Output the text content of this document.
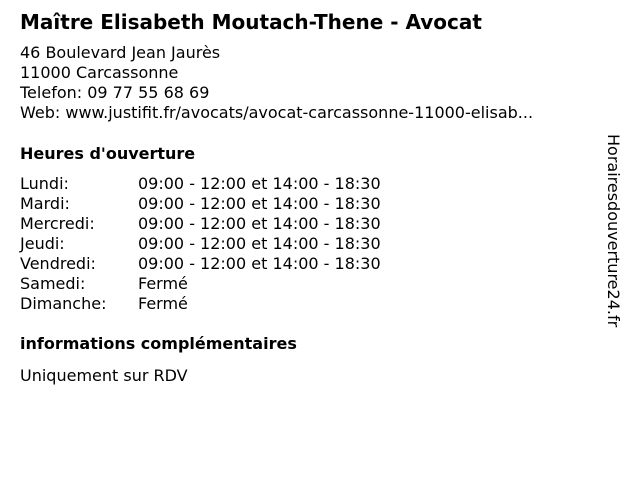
Maître Elisabeth Moutach-Thene - Avocat
46 Boulevard Jean Jaurès
11000 Carcassonne
Telefon: 09 77 55 68 69
Web: www.justifit.fr/avocats/avocat-carcassonne-11000-elisab...
Heures d'ouverture
Lundi:	09:00 - 12:00 et 14:00 - 18:30
Mardi:	09:00 - 12:00 et 14:00 - 18:30
Mercredi:	09:00 - 12:00 et 14:00 - 18:30
Jeudi:	09:00 - 12:00 et 14:00 - 18:30
Vendredi:	09:00 - 12:00 et 14:00 - 18:30
Samedi:	Fermé
Dimanche: Fermé
informations complémentaires
Uniquement sur RDV
Horairesdouverture24.fr
